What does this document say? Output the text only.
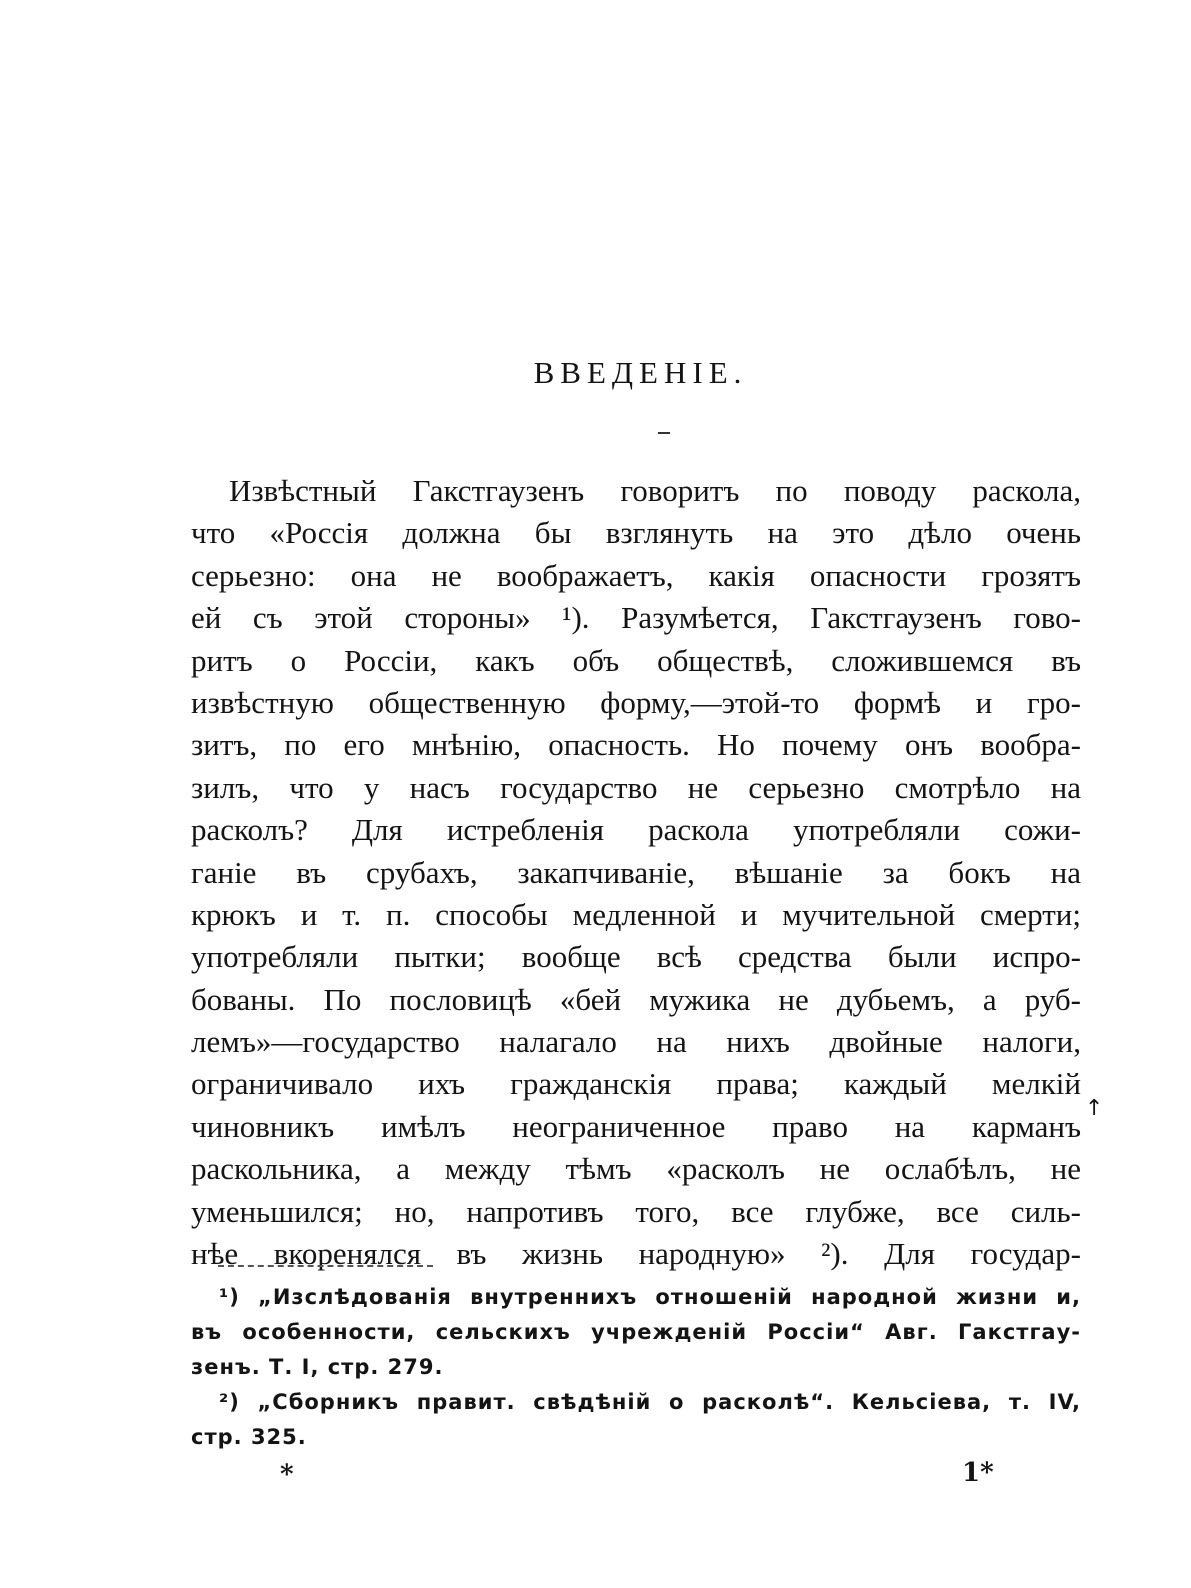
ВВЕДЕНІЕ.
Извѣстный Гакстгаузенъ говоритъ по поводу раскола,
что «Россія должна бы взглянуть на это дѣло очень
серьезно: она не воображаетъ, какія опасности грозятъ
ей съ этой стороны» ¹). Разумѣется, Гакстгаузенъ гово-
ритъ о Россіи, какъ объ обществѣ, сложившемся въ
извѣстную общественную форму,—этой-то формѣ и гро-
зитъ, по его мнѣнію, опасность. Но почему онъ вообра-
зилъ, что у насъ государство не серьезно смотрѣло на
расколъ? Для истребленія раскола употребляли сожи-
ганіе въ срубахъ, закапчиваніе, вѣшаніе за бокъ на
крюкъ и т. п. способы медленной и мучительной смерти;
употребляли пытки; вообще всѣ средства были испро-
бованы. По пословицѣ «бей мужика не дубьемъ, а руб-
лемъ»—государство налагало на нихъ двойные налоги,
ограничивало ихъ гражданскія права; каждый мелкій
чиновникъ имѣлъ неограниченное право на карманъ
раскольника, а между тѣмъ «расколъ не ослабѣлъ, не
уменьшился; но, напротивъ того, все глубже, все силь-
нѣе вкоренялся въ жизнь народную» ²). Для государ-
↑
¹) „Изслѣдованія внутреннихъ отношеній народной жизни и,
въ особенности, сельскихъ учрежденій Россіи“ Авг. Гакстгау-
зенъ. Т. I, стр. 279.
²) „Сборникъ правит. свѣдѣній о расколѣ“. Кельсіева, т. IV,
стр. 325.
*	1*
